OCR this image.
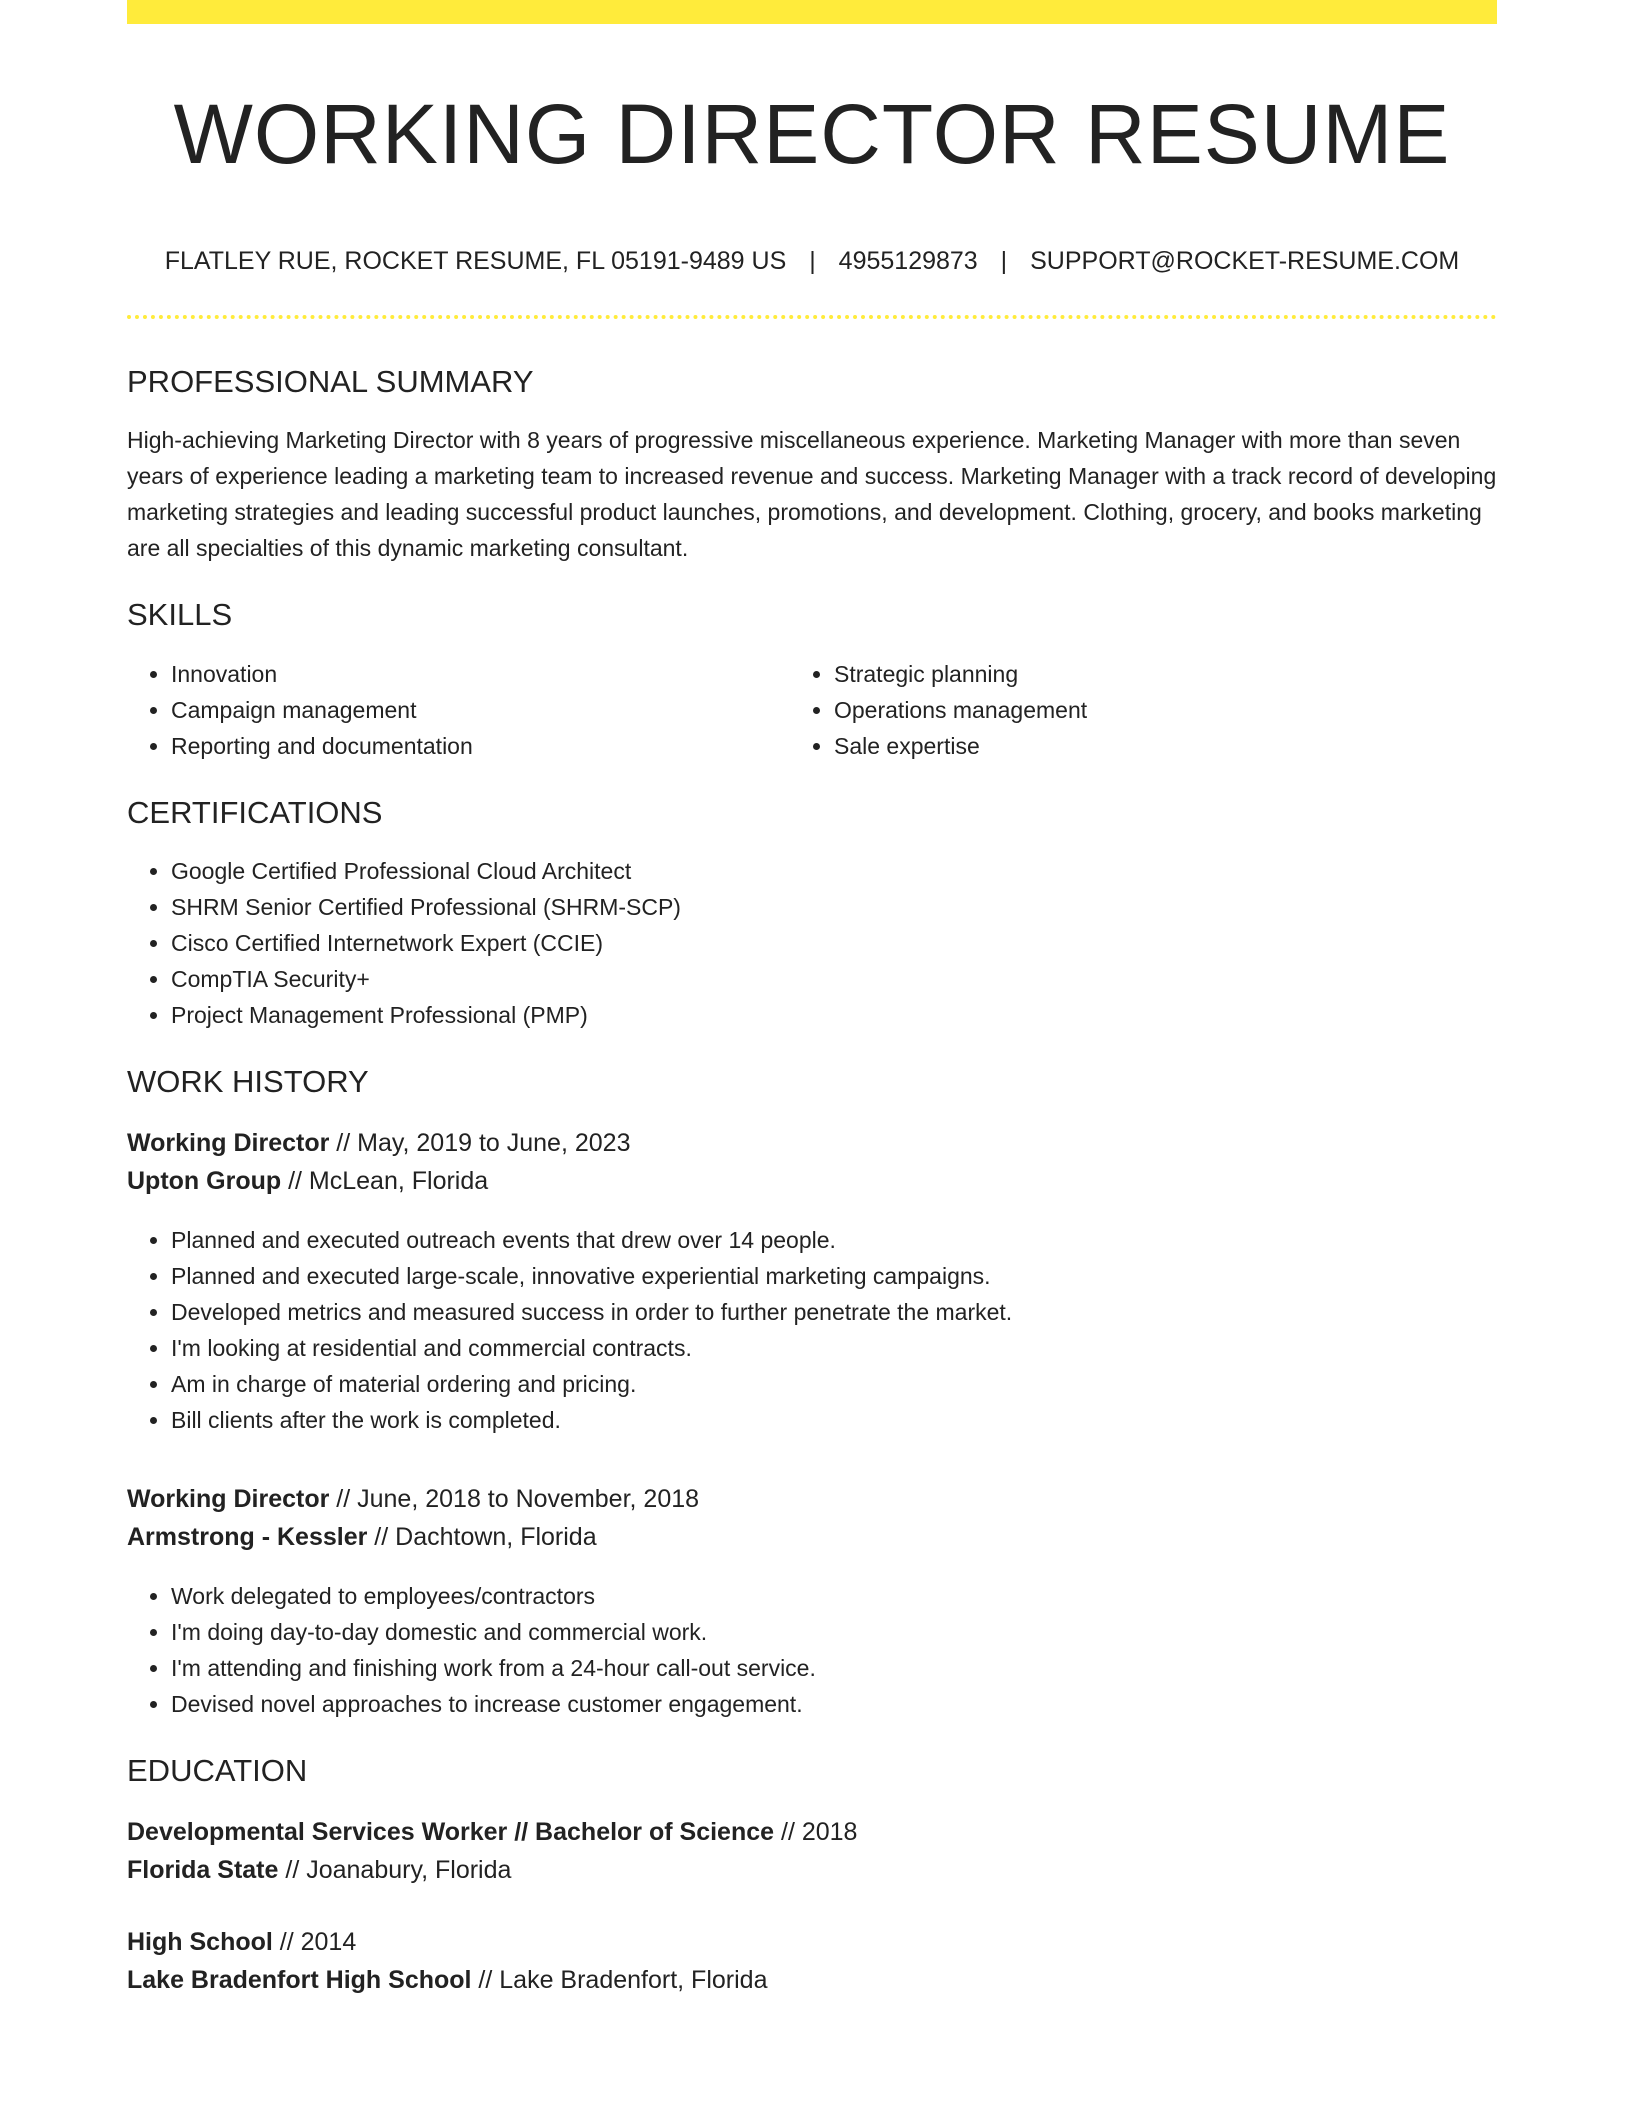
WORKING DIRECTOR RESUME
FLATLEY RUE, ROCKET RESUME, FL 05191-9489 US | 4955129873 | SUPPORT@ROCKET-RESUME.COM
PROFESSIONAL SUMMARY
High-achieving Marketing Director with 8 years of progressive miscellaneous experience. Marketing Manager with more than seven years of experience leading a marketing team to increased revenue and success. Marketing Manager with a track record of developing marketing strategies and leading successful product launches, promotions, and development. Clothing, grocery, and books marketing are all specialties of this dynamic marketing consultant.
SKILLS
• Innovation
• Campaign management
• Reporting and documentation
• Strategic planning
• Operations management
• Sale expertise
CERTIFICATIONS
• Google Certified Professional Cloud Architect
• SHRM Senior Certified Professional (SHRM-SCP)
• Cisco Certified Internetwork Expert (CCIE)
• CompTIA Security+
• Project Management Professional (PMP)
WORK HISTORY
Working Director // May, 2019 to June, 2023
Upton Group // McLean, Florida
• Planned and executed outreach events that drew over 14 people.
• Planned and executed large-scale, innovative experiential marketing campaigns.
• Developed metrics and measured success in order to further penetrate the market.
• I'm looking at residential and commercial contracts.
• Am in charge of material ordering and pricing.
• Bill clients after the work is completed.
Working Director // June, 2018 to November, 2018
Armstrong - Kessler // Dachtown, Florida
• Work delegated to employees/contractors
• I'm doing day-to-day domestic and commercial work.
• I'm attending and finishing work from a 24-hour call-out service.
• Devised novel approaches to increase customer engagement.
EDUCATION
Developmental Services Worker // Bachelor of Science // 2018
Florida State // Joanabury, Florida
High School // 2014
Lake Bradenfort High School // Lake Bradenfort, Florida
